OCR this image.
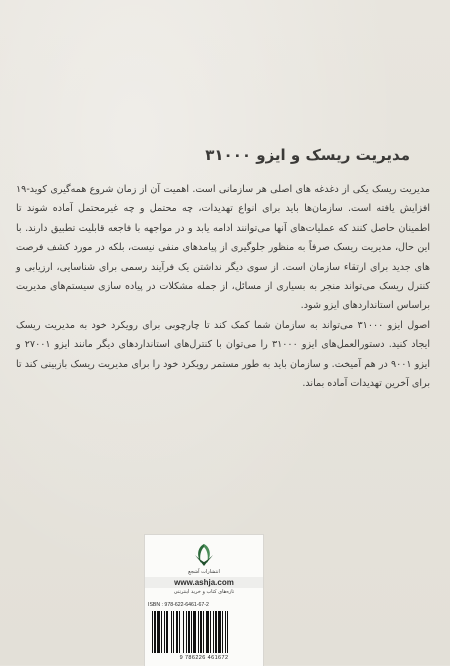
مدیریت ریسک و ایزو ۳۱۰۰۰

مدیریت ریسک یکی از دغدغه های اصلی هر سازمانی است. اهمیت آن از زمان شروع همه‌گیری کوید-۱۹ افزایش یافته است. سازمان‌ها باید برای انواع تهدیدات، چه محتمل و چه غیرمحتمل آماده شوند تا اطمینان حاصل کنند که عملیات‌های آنها می‌توانند ادامه یابد و در مواجهه با فاجعه قابلیت تطبیق دارند. با این حال، مدیریت ریسک صرفاً به منظور جلوگیری از پیامدهای منفی نیست، بلکه در مورد کشف فرصت های جدید برای ارتقاء سازمان است. از سوی دیگر نداشتن یک فرآیند رسمی برای شناسایی، ارزیابی و کنترل ریسک می‌تواند منجر به بسیاری از مسائل، از جمله مشکلات در پیاده سازی سیستم‌های مدیریت براساس استانداردهای ایزو شود.

اصول ایزو ۳۱۰۰۰ می‌تواند به سازمان شما کمک کند تا چارچوبی برای رویکرد خود به مدیریت ریسک ایجاد کنید. دستورالعمل‌های ایزو ۳۱۰۰۰ را می‌توان با کنترل‌های استانداردهای دیگر مانند ایزو ۲۷۰۰۱ و ایزو ۹۰۰۱ در هم آمیخت. و سازمان باید به طور مستمر رویکرد خود را برای مدیریت ریسک بازبینی کند تا برای آخرین تهدیدات آماده بماند.

انتشارات آشجع
www.ashja.com
تازه‌های کتاب و خرید اینترنتی
ISBN : 978-622-6461-67-2
9 786226 461672
